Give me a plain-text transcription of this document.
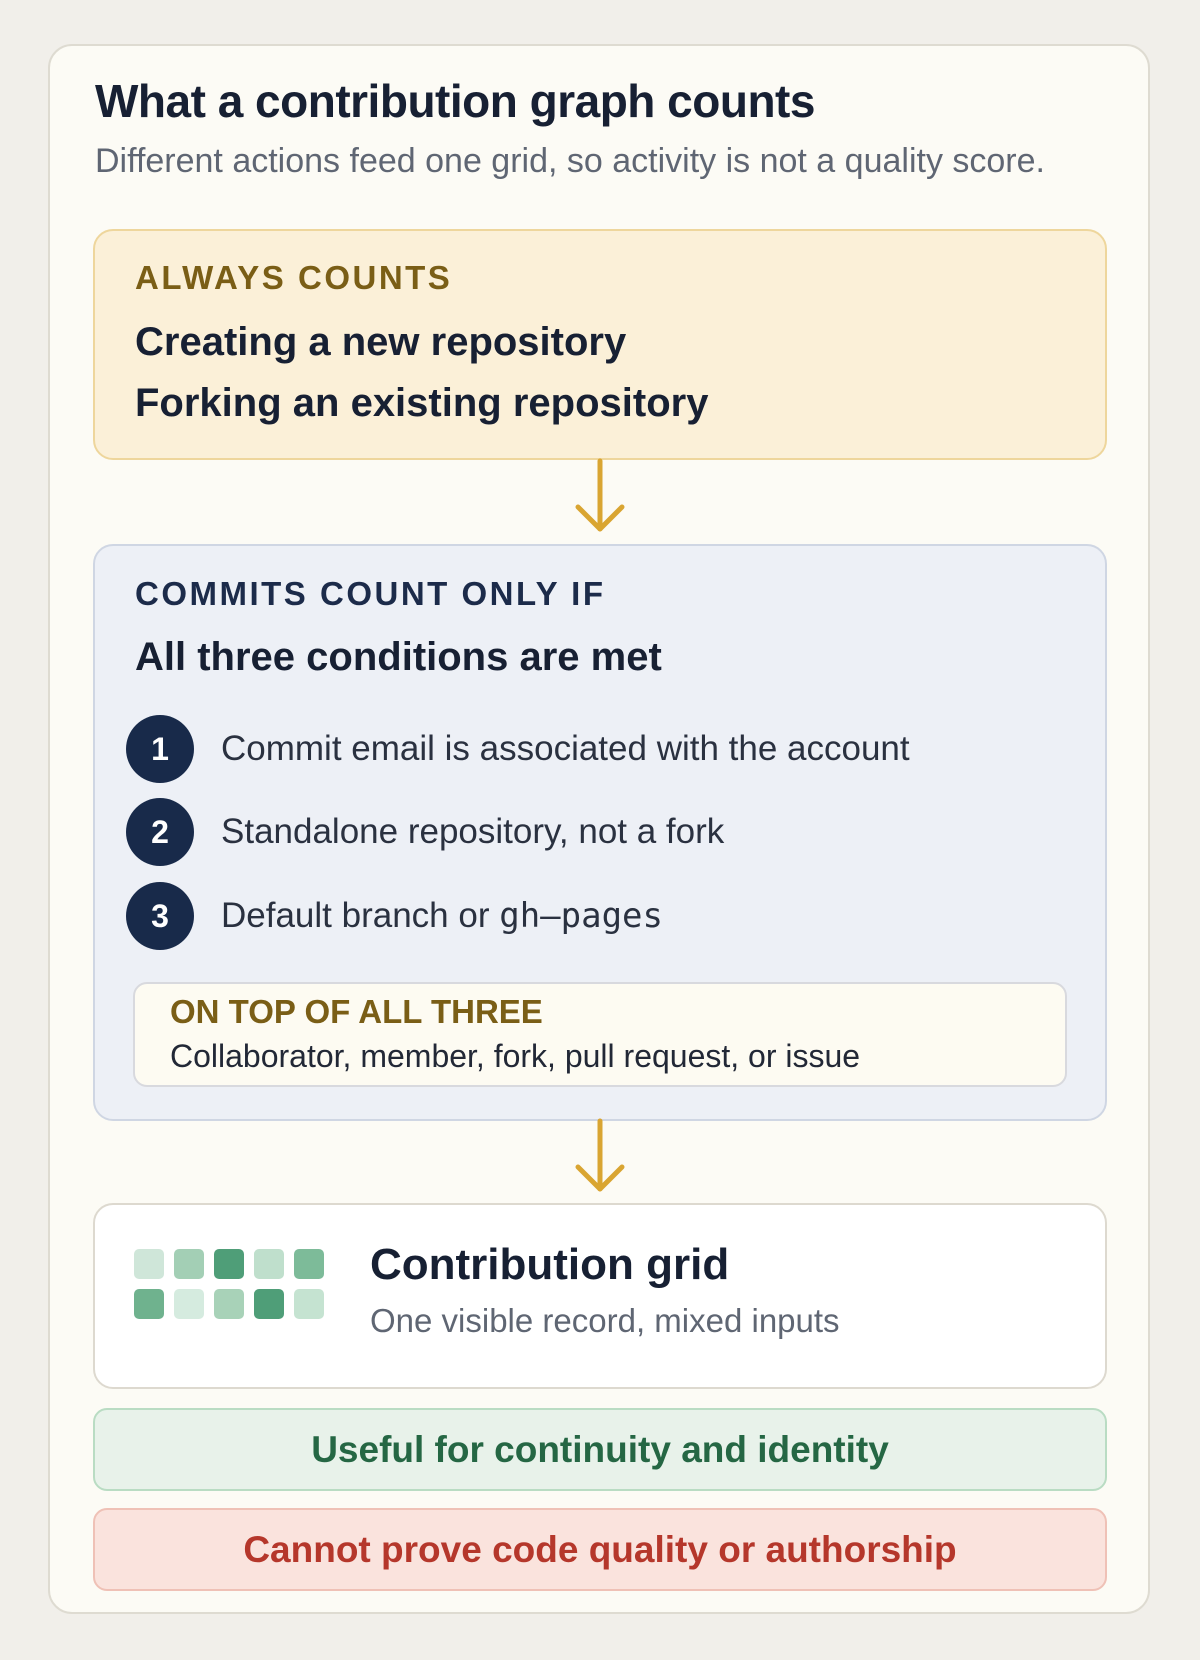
What a contribution graph counts

Different actions feed one grid, so activity is not a quality score.

ALWAYS COUNTS

Creating a new repository

Forking an existing repository

COMMITS COUNT ONLY IF

All three conditions are met

1	Commit email is associated with the account
2	Standalone repository, not a fork
3	Default branch or gh–pages

ON TOP OF ALL THREE

Collaborator, member, fork, pull request, or issue

Contribution grid

One visible record, mixed inputs

Useful for continuity and identity
Cannot prove code quality or authorship
